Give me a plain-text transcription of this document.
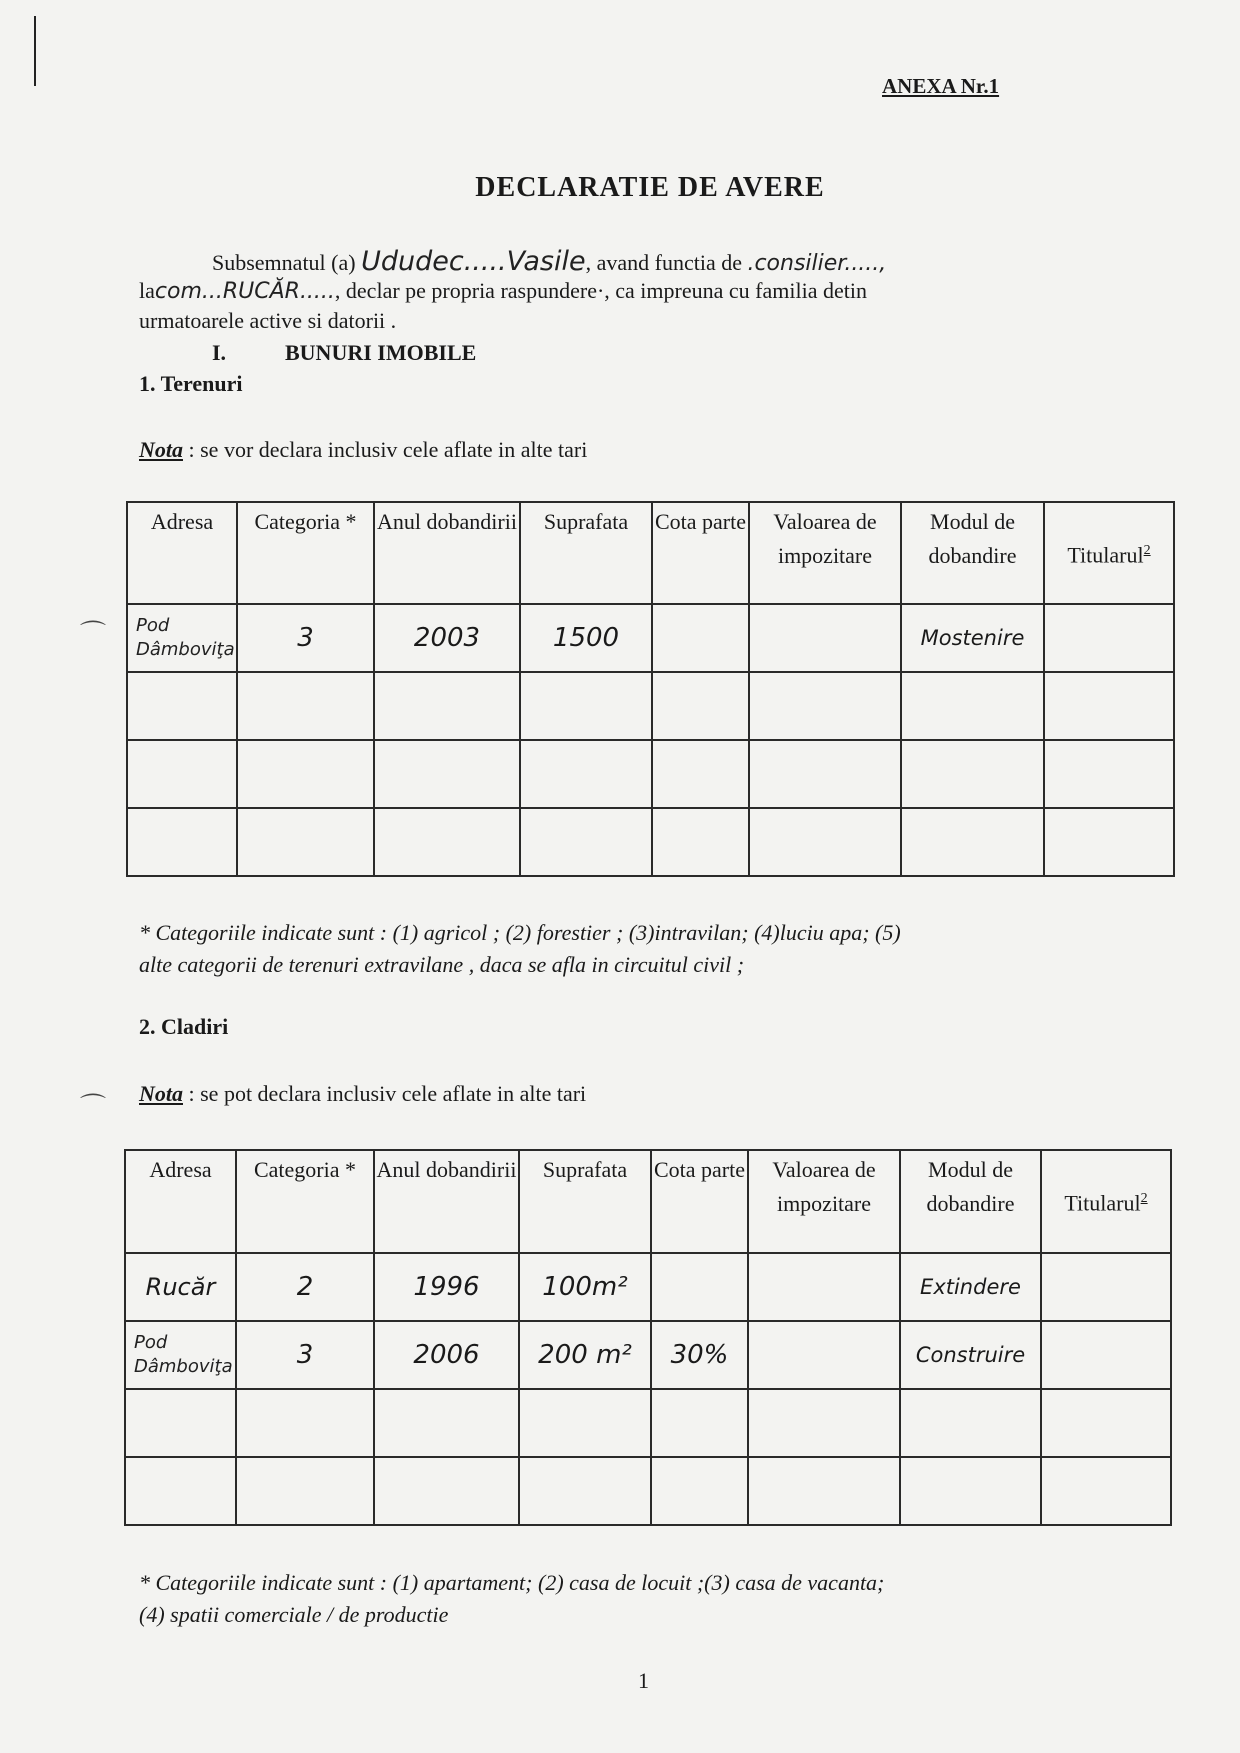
ANEXA Nr.1
DECLARATIE DE AVERE
Subsemnatul (a) Ududec.....Vasile, avand functia de .consilier.....,
lacom...RUCĂR....., declar pe propria raspundere·, ca impreuna cu familia detin
urmatoarele active si datorii .
I.	BUNURI IMOBILE
1. Terenuri
Nota : se vor declara inclusiv cele aflate in alte tari
Adresa	Categoria *	Anul dobandirii	Suprafata	Cota parte	Valoarea de impozitare	Modul de dobandire	Titularul$^2$
Pod Dâmboviţa	3	2003	1500			Mostenire	

* Categoriile indicate sunt : (1) agricol ; (2) forestier ; (3)intravilan; (4)luciu apa; (5)
alte categorii de terenuri extravilane , daca se afla in circuitul civil ;
2. Cladiri
Nota : se pot declara inclusiv cele aflate in alte tari
Adresa	Categoria *	Anul dobandirii	Suprafata	Cota parte	Valoarea de impozitare	Modul de dobandire	Titularul$^2$
Rucăr	2	1996	100m²			Extindere	
Pod Dâmboviţa	3	2006	200 m²	30%		Construire	

* Categoriile indicate sunt : (1) apartament; (2) casa de locuit ;(3) casa de vacanta;
(4) spatii comerciale / de productie
1
⌒
⌒
